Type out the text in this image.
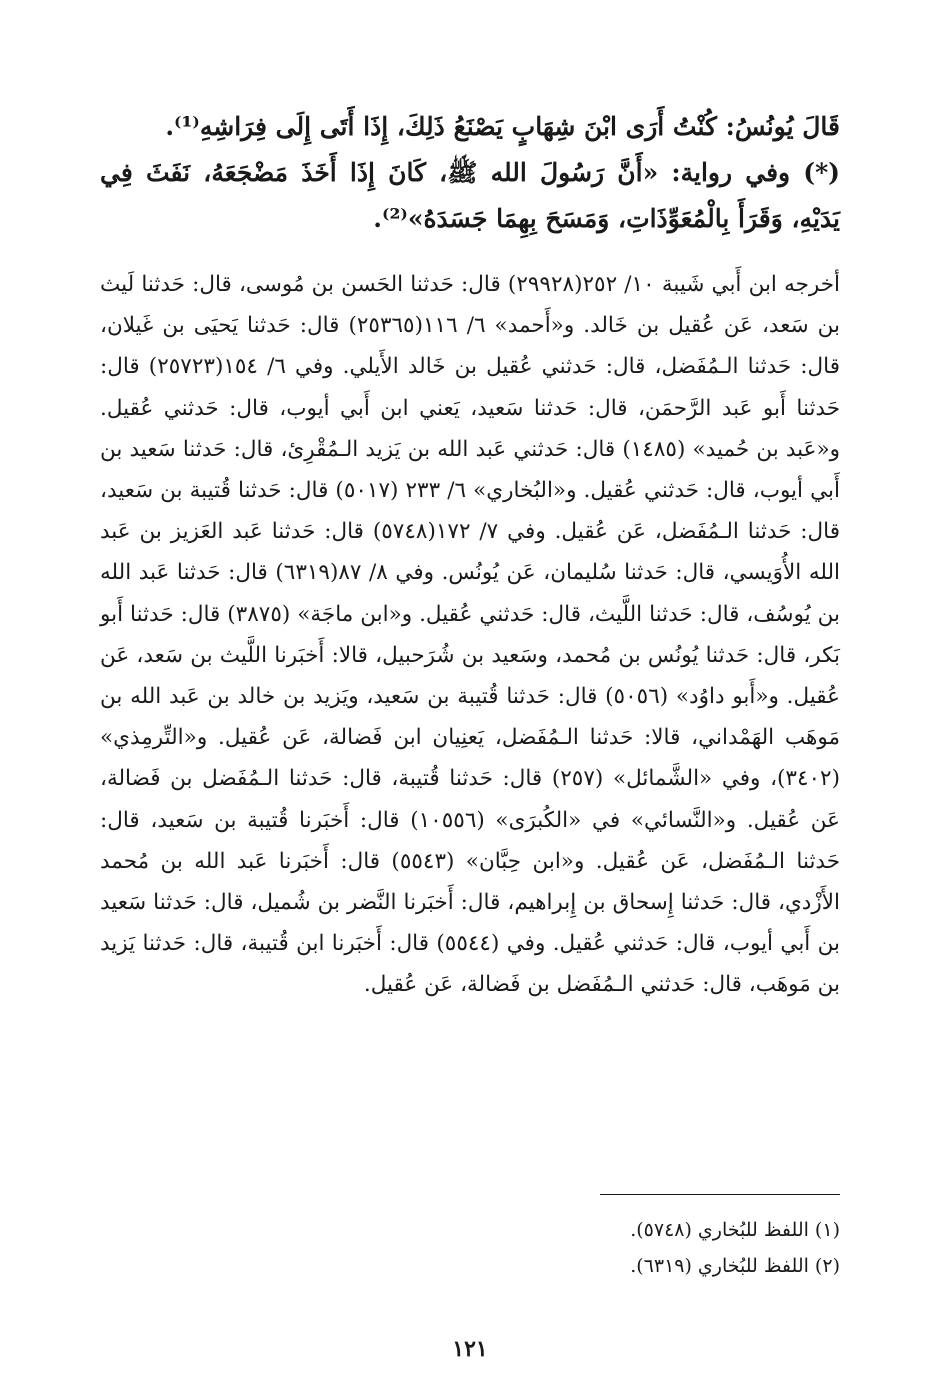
قَالَ يُونُسُ: كُنْتُ أَرَى ابْنَ شِهَابٍ يَصْنَعُ ذَلِكَ، إِذَا أَتَى إِلَى فِرَاشِهِ⁽¹⁾.

(*) وفي رواية: «أَنَّ رَسُولَ الله ﷺ، كَانَ إِذَا أَخَذَ مَضْجَعَهُ، نَفَثَ فِي يَدَيْهِ، وَقَرَأَ بِالْمُعَوِّذَاتِ، وَمَسَحَ بِهِمَا جَسَدَهُ»⁽²⁾.

أخرجه ابن أَبي شَيبة ١٠/ ٢٥٢(٢٩٩٢٨) قال: حَدثنا الحَسن بن مُوسى، قال: حَدثنا لَيث بن سَعد، عَن عُقيل بن خَالد. و«أَحمد» ٦/ ١١٦(٢٥٣٦٥) قال: حَدثنا يَحيَى بن غَيلان، قال: حَدثنا الـمُفَضل، قال: حَدثني عُقيل بن خَالد الأَيلي. وفي ٦/ ١٥٤(٢٥٧٢٣) قال: حَدثنا أَبو عَبد الرَّحمَن، قال: حَدثنا سَعيد، يَعني ابن أَبي أيوب، قال: حَدثني عُقيل. و«عَبد بن حُميد» (١٤٨٥) قال: حَدثني عَبد الله بن يَزيد الـمُقْرِئ، قال: حَدثنا سَعيد بن أَبي أيوب، قال: حَدثني عُقيل. و«البُخاري» ٦/ ٢٣٣ (٥٠١٧) قال: حَدثنا قُتيبة بن سَعيد، قال: حَدثنا الـمُفَضل، عَن عُقيل. وفي ٧/ ١٧٢(٥٧٤٨) قال: حَدثنا عَبد العَزيز بن عَبد الله الأُوَيسي، قال: حَدثنا سُليمان، عَن يُونُس. وفي ٨/ ٨٧(٦٣١٩) قال: حَدثنا عَبد الله بن يُوسُف، قال: حَدثنا اللَّيث، قال: حَدثني عُقيل. و«ابن ماجَة» (٣٨٧٥) قال: حَدثنا أَبو بَكر، قال: حَدثنا يُونُس بن مُحمد، وسَعيد بن شُرَحبيل، قالا: أَخبَرنا اللَّيث بن سَعد، عَن عُقيل. و«أَبو داوُد» (٥٠٥٦) قال: حَدثنا قُتيبة بن سَعيد، ويَزيد بن خالد بن عَبد الله بن مَوهَب الهَمْداني، قالا: حَدثنا الـمُفَضل، يَعنِيان ابن فَضالة، عَن عُقيل. و«التِّرمِذي» (٣٤٠٢)، وفي «الشَّمائل» (٢٥٧) قال: حَدثنا قُتيبة، قال: حَدثنا الـمُفَضل بن فَضالة، عَن عُقيل. و«النَّسائي» في «الكُبرَى» (١٠٥٥٦) قال: أَخبَرنا قُتيبة بن سَعيد، قال: حَدثنا الـمُفَضل، عَن عُقيل. و«ابن حِبَّان» (٥٥٤٣) قال: أَخبَرنا عَبد الله بن مُحمد الأَزْدي، قال: حَدثنا إِسحاق بن إِبراهيم، قال: أَخبَرنا النَّضر بن شُميل، قال: حَدثنا سَعيد بن أَبي أيوب، قال: حَدثني عُقيل. وفي (٥٥٤٤) قال: أَخبَرنا ابن قُتيبة، قال: حَدثنا يَزيد بن مَوهَب، قال: حَدثني الـمُفَضل بن فَضالة، عَن عُقيل.

(١) اللفظ للبُخاري (٥٧٤٨).

(٢) اللفظ للبُخاري (٦٣١٩).

١٢١
